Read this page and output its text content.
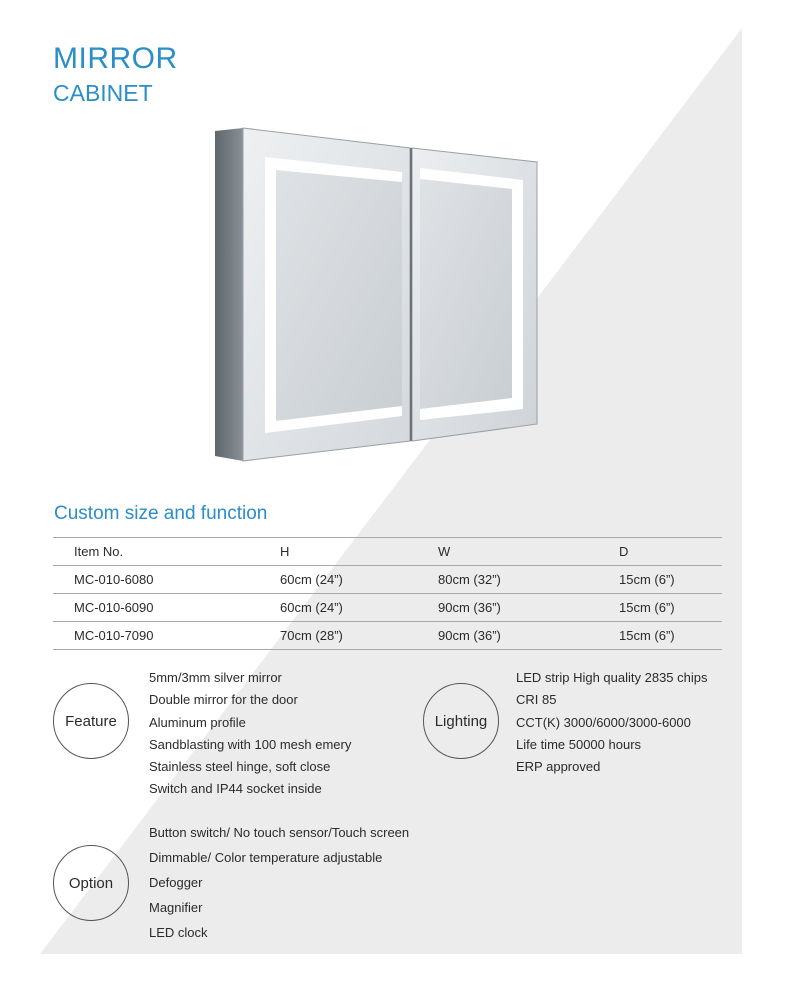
MIRROR
CABINET
Custom size and function
Item No.	H	W	D
MC-010-6080	60cm (24”)	80cm (32”)	15cm (6”)
MC-010-6090	60cm (24”)	90cm (36”)	15cm (6”)
MC-010-7090	70cm (28”)	90cm (36”)	15cm (6”)
Feature
5mm/3mm silver mirror
Double mirror for the door
Aluminum profile
Sandblasting with 100 mesh emery
Stainless steel hinge, soft close
Switch and IP44 socket inside
Lighting
LED strip High quality 2835 chips
CRI 85
CCT(K) 3000/6000/3000-6000
Life time 50000 hours
ERP approved
Option
Button switch/ No touch sensor/Touch screen
Dimmable/ Color temperature adjustable
Defogger
Magnifier
LED clock
